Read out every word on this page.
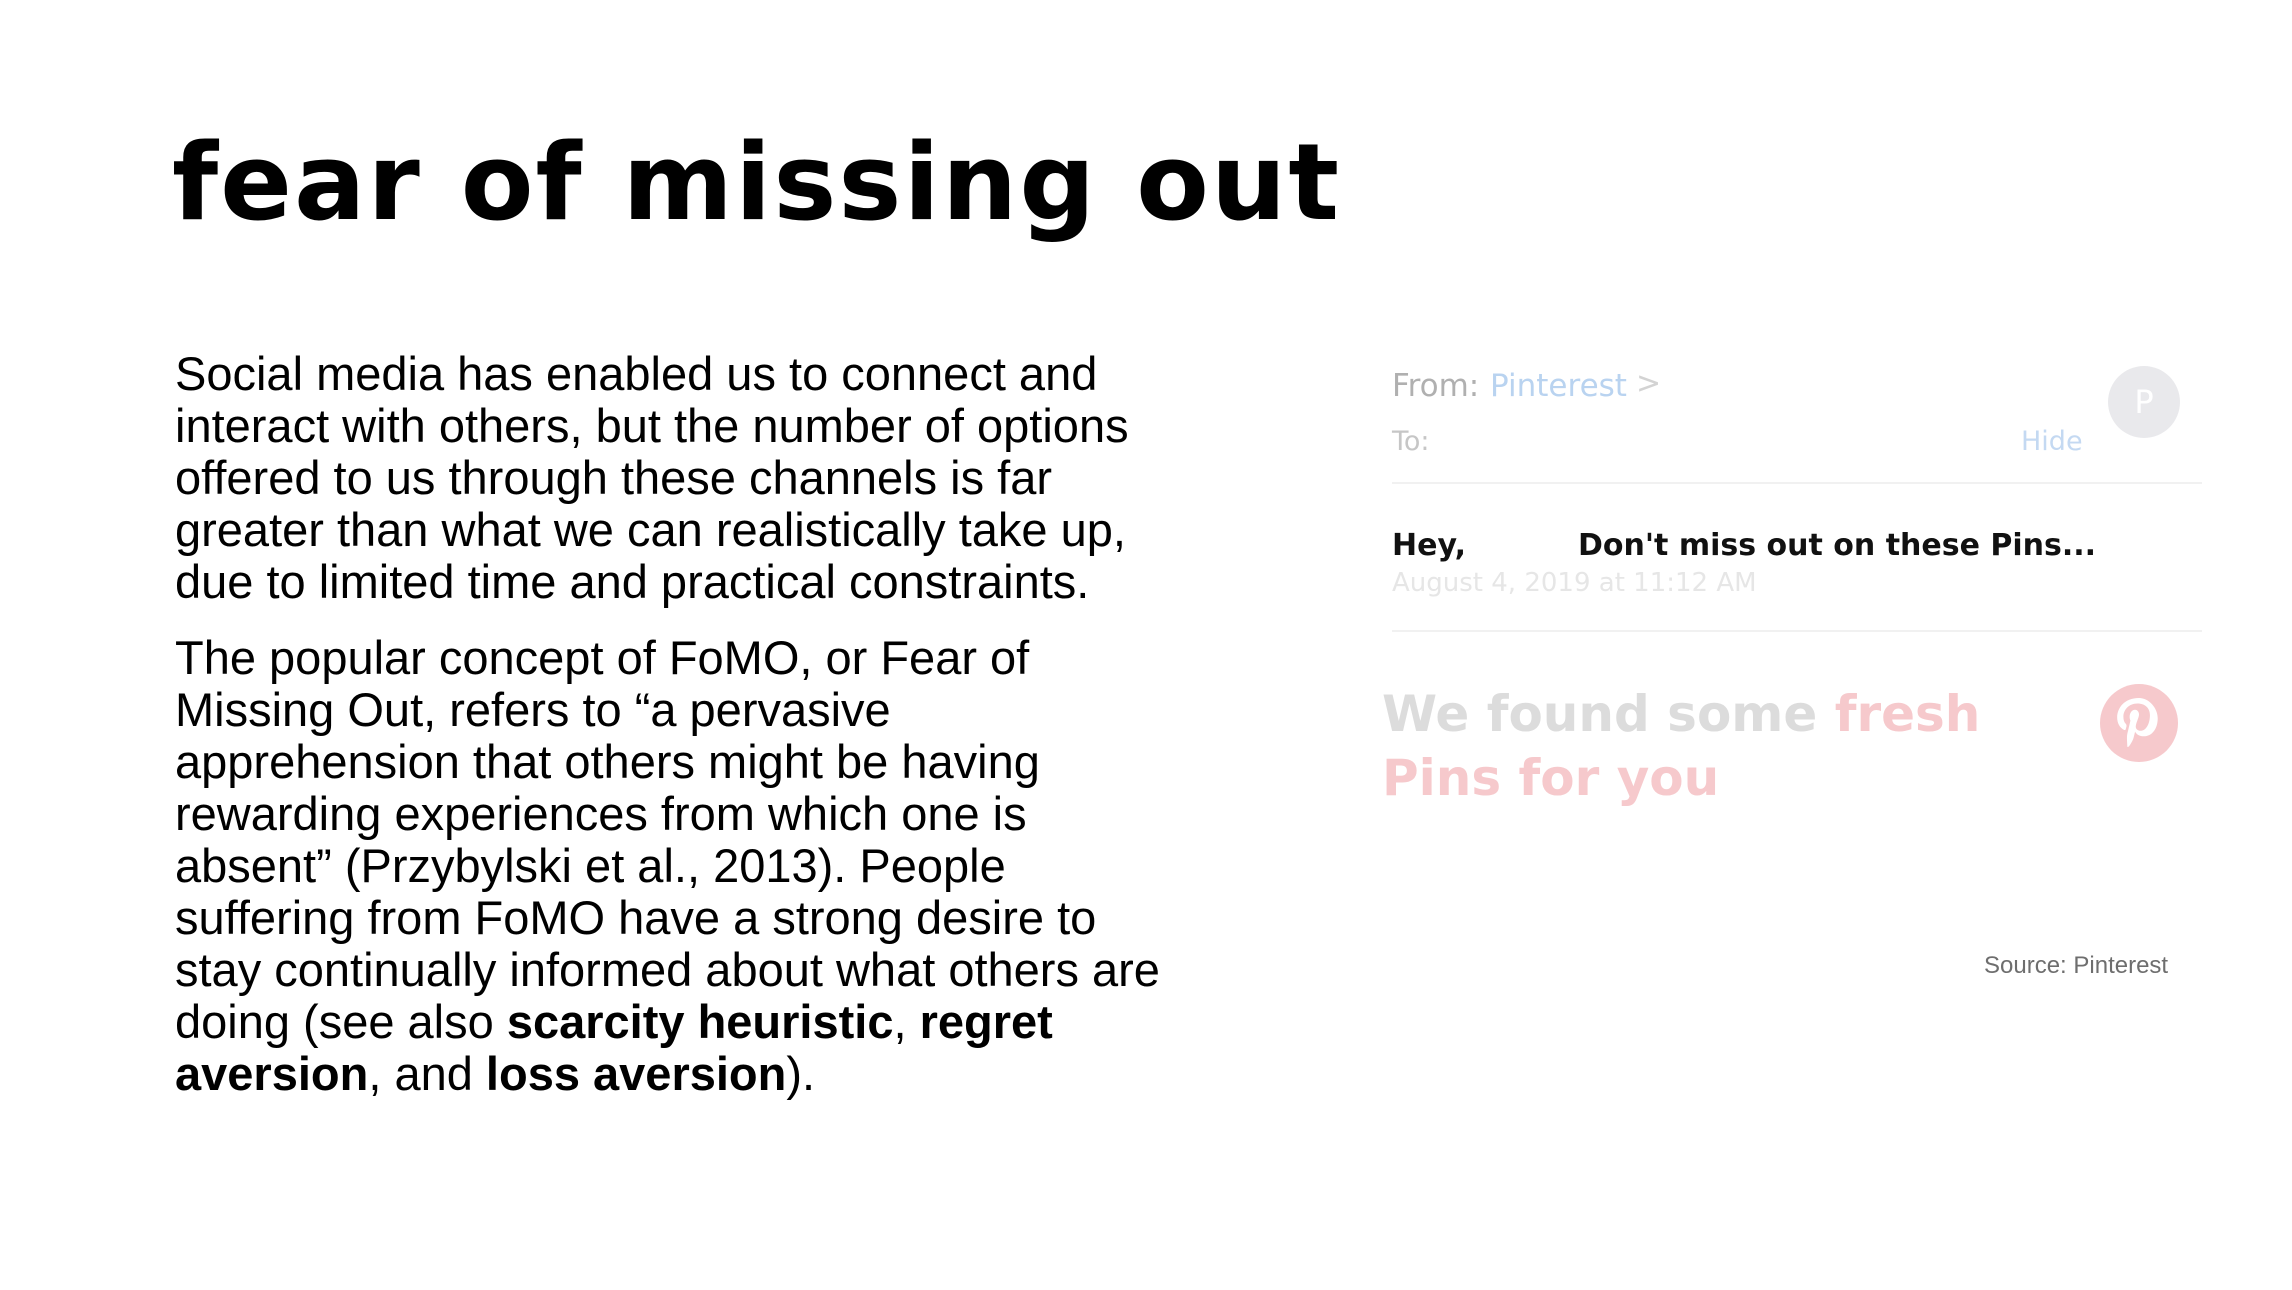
fear of missing out

Social media has enabled us to connect and interact with others, but the number of options offered to us through these channels is far greater than what we can realistically take up, due to limited time and practical constraints.

The popular concept of FoMO, or Fear of Missing Out, refers to “a pervasive apprehension that others might be having rewarding experiences from which one is absent” (Przybylski et al., 2013). People suffering from FoMO have a strong desire to stay continually informed about what others are doing (see also scarcity heuristic, regret aversion, and loss aversion).

From: Pinterest >	P
To:	Hide
Hey,	Don't miss out on these Pins...
August 4, 2019 at 11:12 AM
We found some fresh Pins for you
Source: Pinterest
